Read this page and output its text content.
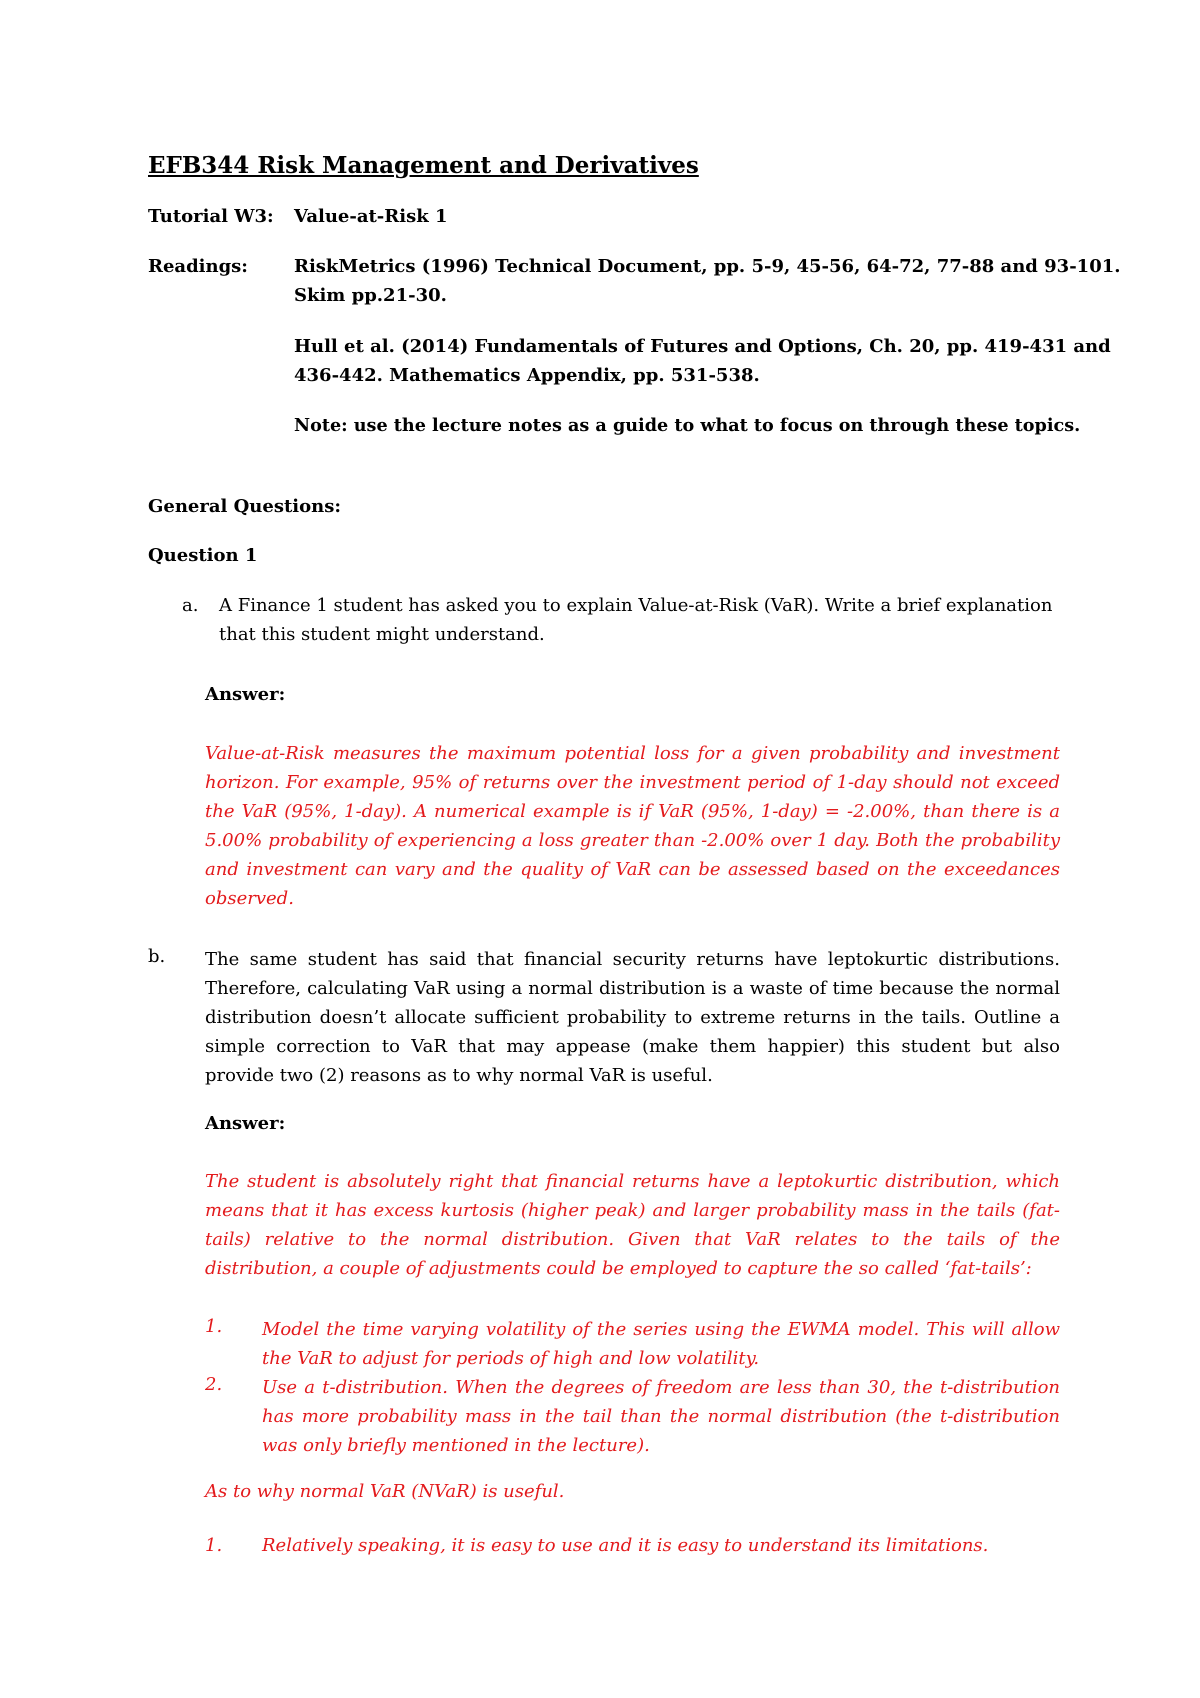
EFB344 Risk Management and Derivatives
Tutorial W3: Value-at-Risk 1
Readings:	RiskMetrics (1996) Technical Document, pp. 5-9, 45-56, 64-72, 77-88 and 93-101.
Skim pp.21-30.
Hull et al. (2014) Fundamentals of Futures and Options, Ch. 20, pp. 419-431 and
436-442. Mathematics Appendix, pp. 531-538.
Note: use the lecture notes as a guide to what to focus on through these topics.
General Questions:
Question 1
a. A Finance 1 student has asked you to explain Value-at-Risk (VaR). Write a brief explanation
that this student might understand.
Answer:
Value-at-Risk measures the maximum potential loss for a given probability and investment horizon. For example, 95% of returns over the investment period of 1-day should not exceed the VaR (95%, 1-day). A numerical example is if VaR (95%, 1-day) = -2.00%, than there is a 5.00% probability of experiencing a loss greater than -2.00% over 1 day. Both the probability and investment can vary and the quality of VaR can be assessed based on the exceedances observed.
b. The same student has said that financial security returns have leptokurtic distributions. Therefore, calculating VaR using a normal distribution is a waste of time because the normal distribution doesn’t allocate sufficient probability to extreme returns in the tails. Outline a simple correction to VaR that may appease (make them happier) this student but also provide two (2) reasons as to why normal VaR is useful.
Answer:
The student is absolutely right that financial returns have a leptokurtic distribution, which means that it has excess kurtosis (higher peak) and larger probability mass in the tails (fat-tails) relative to the normal distribution. Given that VaR relates to the tails of the distribution, a couple of adjustments could be employed to capture the so called ‘fat-tails’:
1. Model the time varying volatility of the series using the EWMA model. This will allow the VaR to adjust for periods of high and low volatility.
2. Use a t-distribution. When the degrees of freedom are less than 30, the t-distribution has more probability mass in the tail than the normal distribution (the t-distribution was only briefly mentioned in the lecture).
As to why normal VaR (NVaR) is useful.
1. Relatively speaking, it is easy to use and it is easy to understand its limitations.
